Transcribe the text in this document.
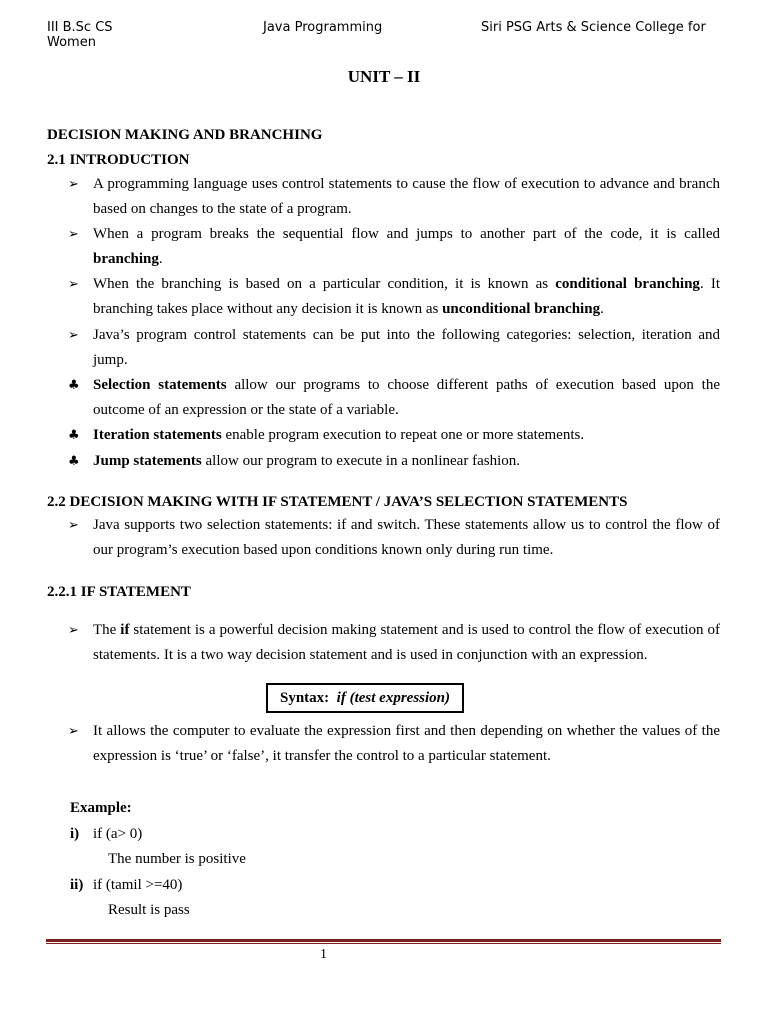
III B.Sc CS	Java Programming	Siri PSG Arts & Science College for
Women
UNIT – II
DECISION MAKING AND BRANCHING
2.1 INTRODUCTION
➢ A programming language uses control statements to cause the flow of execution to advance and branch based on changes to the state of a program.
➢ When a program breaks the sequential flow and jumps to another part of the code, it is called branching.
➢ When the branching is based on a particular condition, it is known as conditional branching. It branching takes place without any decision it is known as unconditional branching.
➢ Java’s program control statements can be put into the following categories: selection, iteration and jump.
♣ Selection statements allow our programs to choose different paths of execution based upon the outcome of an expression or the state of a variable.
♣ Iteration statements enable program execution to repeat one or more statements.
♣ Jump statements allow our program to execute in a nonlinear fashion.
2.2 DECISION MAKING WITH IF STATEMENT / JAVA’S SELECTION STATEMENTS
➢ Java supports two selection statements: if and switch. These statements allow us to control the flow of our program’s execution based upon conditions known only during run time.
2.2.1 IF STATEMENT
➢ The if statement is a powerful decision making statement and is used to control the flow of execution of statements. It is a two way decision statement and is used in conjunction with an expression.
Syntax: if (test expression)
➢ It allows the computer to evaluate the expression first and then depending on whether the values of the expression is ‘true’ or ‘false’, it transfer the control to a particular statement.
Example:
i) if (a> 0)
The number is positive
ii) if (tamil >=40)
Result is pass
1
